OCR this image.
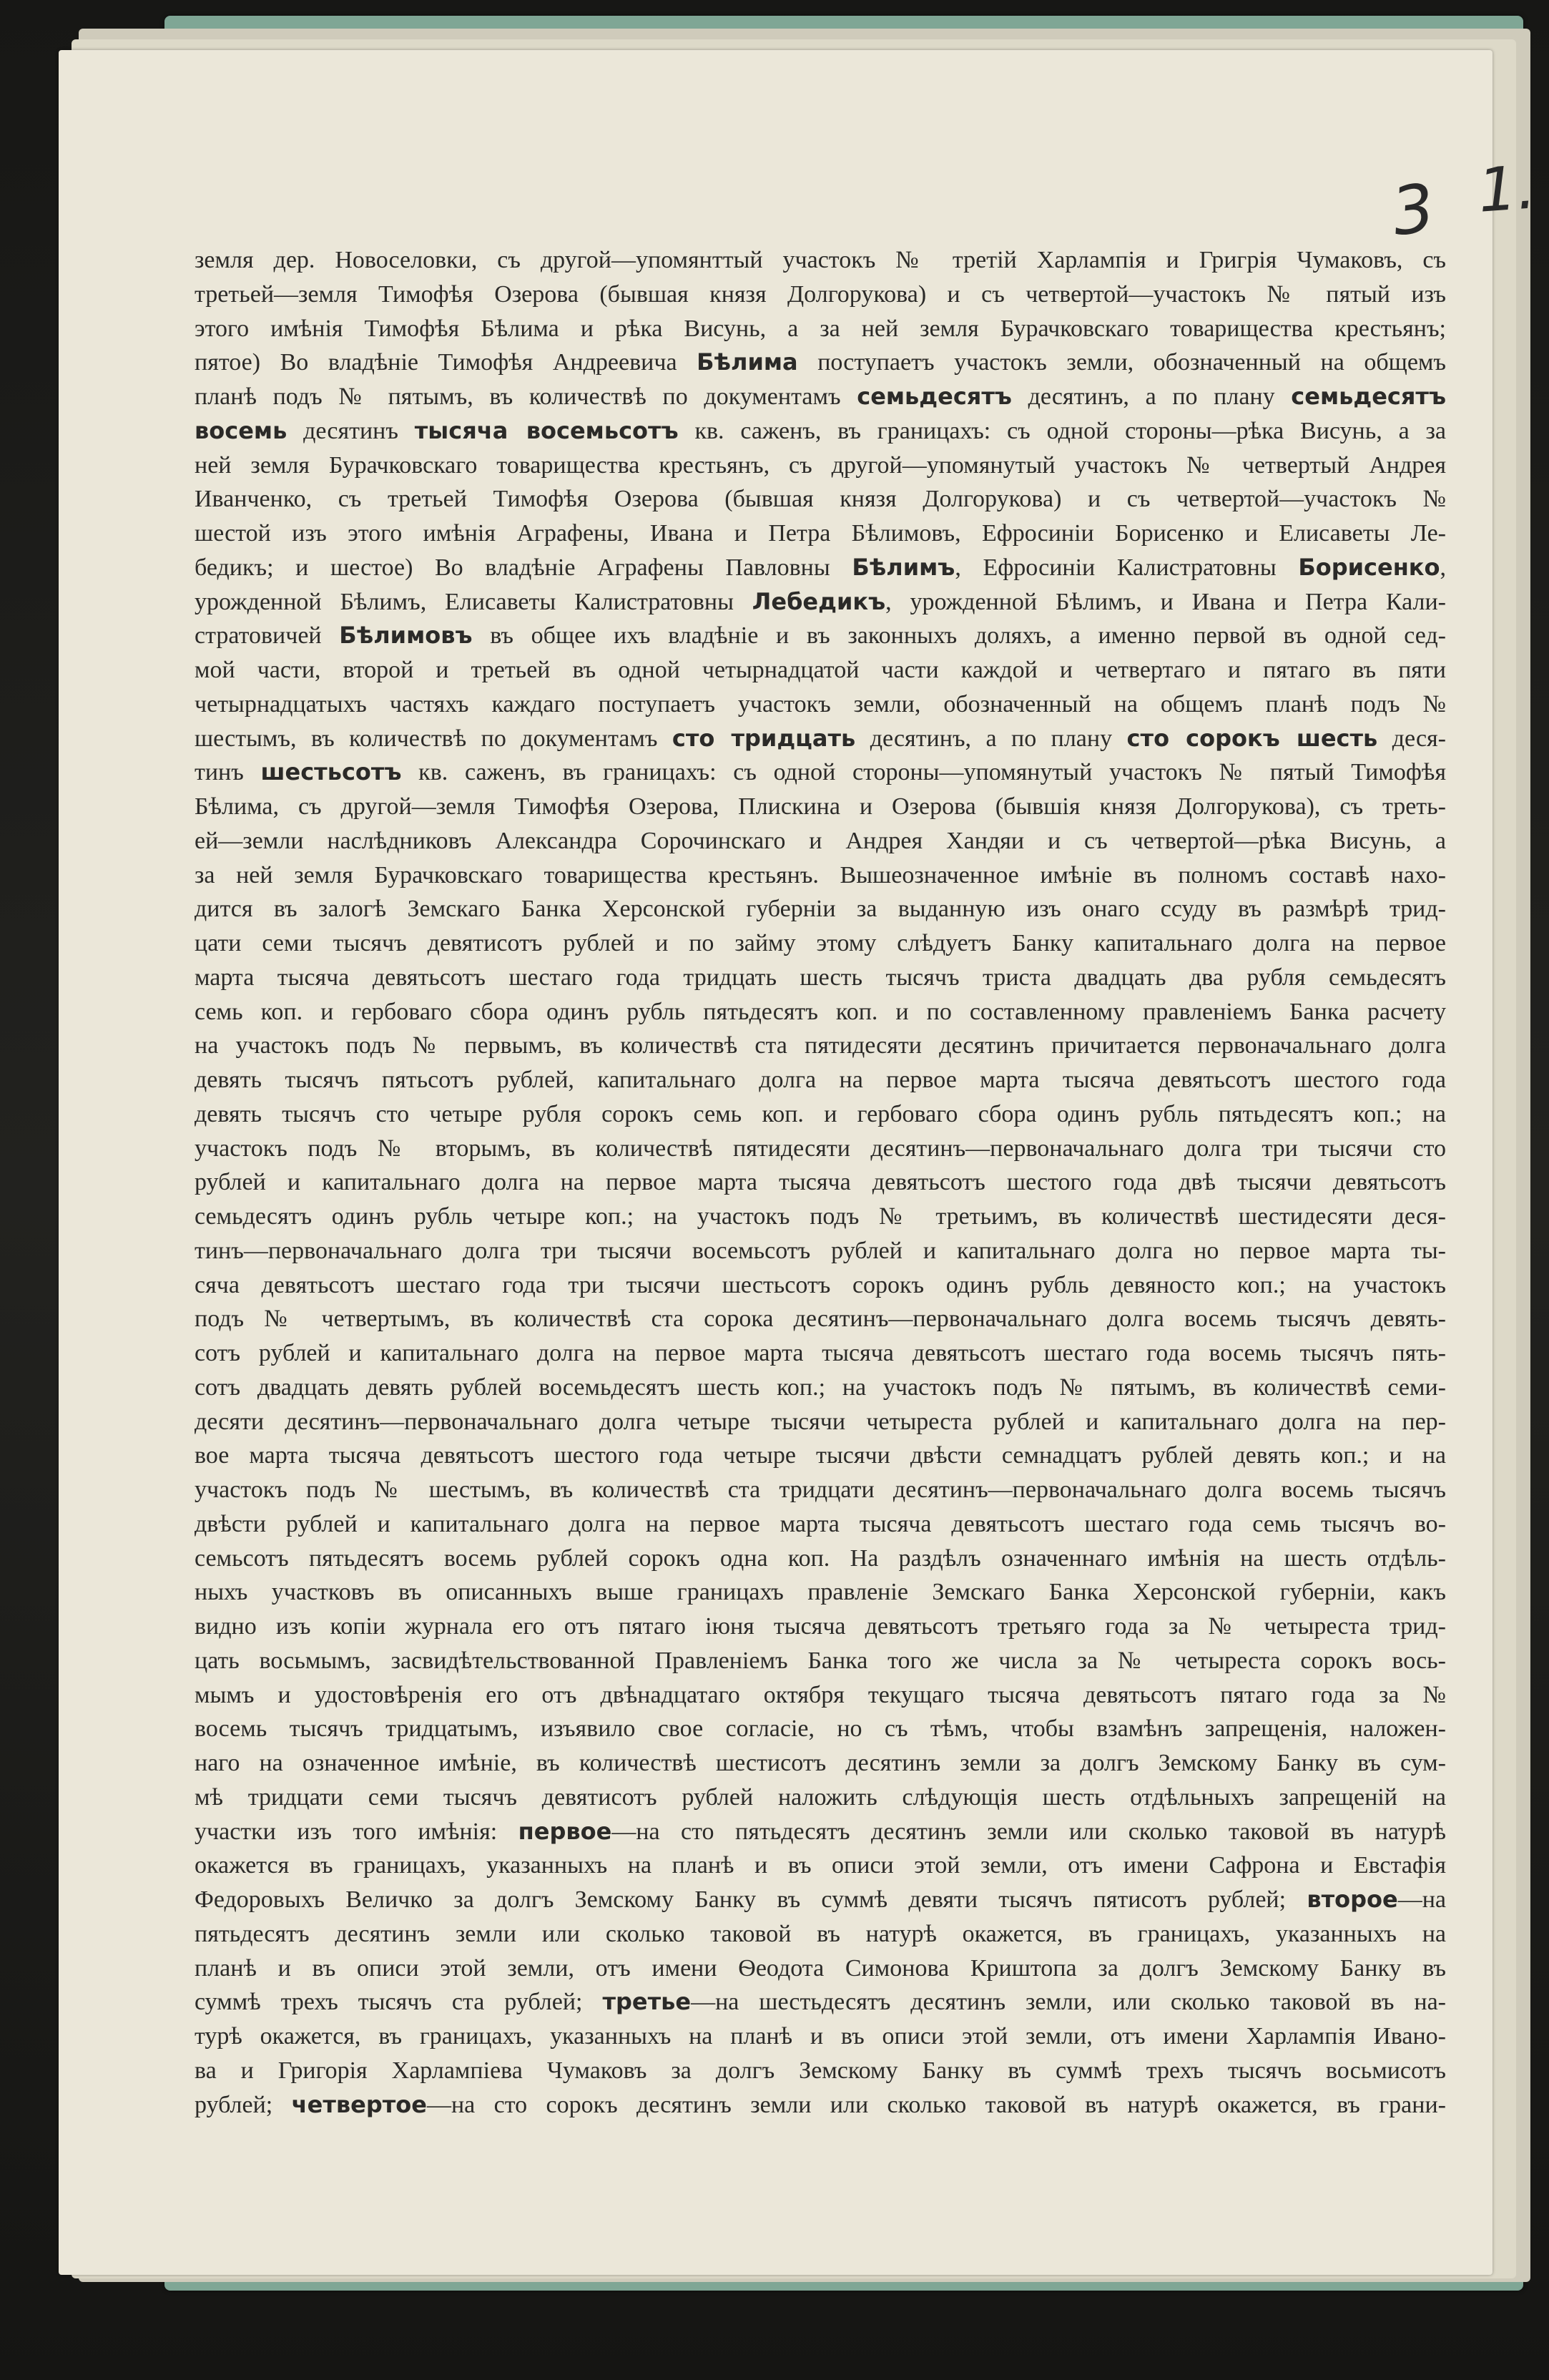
3 1.
земля дер. Новоселовки, съ другой—упомянттый участокъ № третій Харлампія и Григрія Чумаковъ, съ
третьей—земля Тимофѣя Озерова (бывшая князя Долгорукова) и съ четвертой—участокъ № пятый изъ
этого имѣнія Тимофѣя Бѣлима и рѣка Висунь, а за ней земля Бурачковскаго товарищества крестьянъ;
пятое) Во владѣніе Тимофѣя Андреевича Бѣлима поступаетъ участокъ земли, обозначенный на общемъ
планѣ подъ № пятымъ, въ количествѣ по документамъ семьдесятъ десятинъ, а по плану семьдесятъ
восемь десятинъ тысяча восемьсотъ кв. саженъ, въ границахъ: съ одной стороны—рѣка Висунь, а за
ней земля Бурачковскаго товарищества крестьянъ, съ другой—упомянутый участокъ № четвертый Андрея
Иванченко, съ третьей Тимофѣя Озерова (бывшая князя Долгорукова) и съ четвертой—участокъ №
шестой изъ этого имѣнія Аграфены, Ивана и Петра Бѣлимовъ, Ефросиніи Борисенко и Елисаветы Ле-
бедикъ; и шестое) Во владѣніе Аграфены Павловны Бѣлимъ, Ефросиніи Калистратовны Борисенко,
урожденной Бѣлимъ, Елисаветы Калистратовны Лебедикъ, урожденной Бѣлимъ, и Ивана и Петра Кали-
стратовичей Бѣлимовъ въ общее ихъ владѣніе и въ законныхъ доляхъ, а именно первой въ одной сед-
мой части, второй и третьей въ одной четырнадцатой части каждой и четвертаго и пятаго въ пяти
четырнадцатыхъ частяхъ каждаго поступаетъ участокъ земли, обозначенный на общемъ планѣ подъ №
шестымъ, въ количествѣ по документамъ сто тридцать десятинъ, а по плану сто сорокъ шесть деся-
тинъ шестьсотъ кв. саженъ, въ границахъ: съ одной стороны—упомянутый участокъ № пятый Тимофѣя
Бѣлима, съ другой—земля Тимофѣя Озерова, Плискина и Озерова (бывшія князя Долгорукова), съ треть-
ей—земли наслѣдниковъ Александра Сорочинскаго и Андрея Хандяи и съ четвертой—рѣка Висунь, а
за ней земля Бурачковскаго товарищества крестьянъ. Вышеозначенное имѣніе въ полномъ составѣ нахо-
дится въ залогѣ Земскаго Банка Херсонской губерніи за выданную изъ онаго ссуду въ размѣрѣ трид-
цати семи тысячъ девятисотъ рублей и по займу этому слѣдуетъ Банку капитальнаго долга на первое
марта тысяча девятьсотъ шестаго года тридцать шесть тысячъ триста двадцать два рубля семьдесятъ
семь коп. и гербоваго сбора одинъ рубль пятьдесятъ коп. и по составленному правленіемъ Банка расчету
на участокъ подъ № первымъ, въ количествѣ ста пятидесяти десятинъ причитается первоначальнаго долга
девять тысячъ пятьсотъ рублей, капитальнаго долга на первое марта тысяча девятьсотъ шестого года
девять тысячъ сто четыре рубля сорокъ семь коп. и гербоваго сбора одинъ рубль пятьдесятъ коп.; на
участокъ подъ № вторымъ, въ количествѣ пятидесяти десятинъ—первоначальнаго долга три тысячи сто
рублей и капитальнаго долга на первое марта тысяча девятьсотъ шестого года двѣ тысячи девятьсотъ
семьдесятъ одинъ рубль четыре коп.; на участокъ подъ № третьимъ, въ количествѣ шестидесяти деся-
тинъ—первоначальнаго долга три тысячи восемьсотъ рублей и капитальнаго долга но первое марта ты-
сяча девятьсотъ шестаго года три тысячи шестьсотъ сорокъ одинъ рубль девяносто коп.; на участокъ
подъ № четвертымъ, въ количествѣ ста сорока десятинъ—первоначальнаго долга восемь тысячъ девять-
сотъ рублей и капитальнаго долга на первое марта тысяча девятьсотъ шестаго года восемь тысячъ пять-
сотъ двадцать девять рублей восемьдесятъ шесть коп.; на участокъ подъ № пятымъ, въ количествѣ семи-
десяти десятинъ—первоначальнаго долга четыре тысячи четыреста рублей и капитальнаго долга на пер-
вое марта тысяча девятьсотъ шестого года четыре тысячи двѣсти семнадцатъ рублей девять коп.; и на
участокъ подъ № шестымъ, въ количествѣ ста тридцати десятинъ—первоначальнаго долга восемь тысячъ
двѣсти рублей и капитальнаго долга на первое марта тысяча девятьсотъ шестаго года семь тысячъ во-
семьсотъ пятьдесятъ восемь рублей сорокъ одна коп. На раздѣлъ означеннаго имѣнія на шесть отдѣль-
ныхъ участковъ въ описанныхъ выше границахъ правленіе Земскаго Банка Херсонской губерніи, какъ
видно изъ копіи журнала его отъ пятаго іюня тысяча девятьсотъ третьяго года за № четыреста трид-
цать восьмымъ, засвидѣтельствованной Правленіемъ Банка того же числа за № четыреста сорокъ вось-
мымъ и удостовѣренія его отъ двѣнадцатаго октября текущаго тысяча девятьсотъ пятаго года за №
восемь тысячъ тридцатымъ, изъявило свое согласіе, но съ тѣмъ, чтобы взамѣнъ запрещенія, наложен-
наго на означенное имѣніе, въ количествѣ шестисотъ десятинъ земли за долгъ Земскому Банку въ сум-
мѣ тридцати семи тысячъ девятисотъ рублей наложить слѣдующія шесть отдѣльныхъ запрещеній на
участки изъ того имѣнія: первое—на сто пятьдесятъ десятинъ земли или сколько таковой въ натурѣ
окажется въ границахъ, указанныхъ на планѣ и въ описи этой земли, отъ имени Сафрона и Евстафія
Федоровыхъ Величко за долгъ Земскому Банку въ суммѣ девяти тысячъ пятисотъ рублей; второе—на
пятьдесятъ десятинъ земли или сколько таковой въ натурѣ окажется, въ границахъ, указанныхъ на
планѣ и въ описи этой земли, отъ имени Ѳеодота Симонова Криштопа за долгъ Земскому Банку въ
суммѣ трехъ тысячъ ста рублей; третье—на шестьдесятъ десятинъ земли, или сколько таковой въ на-
турѣ окажется, въ границахъ, указанныхъ на планѣ и въ описи этой земли, отъ имени Харлампія Ивано-
ва и Григорія Харлампіева Чумаковъ за долгъ Земскому Банку въ суммѣ трехъ тысячъ восьмисотъ
рублей; четвертое—на сто сорокъ десятинъ земли или сколько таковой въ натурѣ окажется, въ грани-
